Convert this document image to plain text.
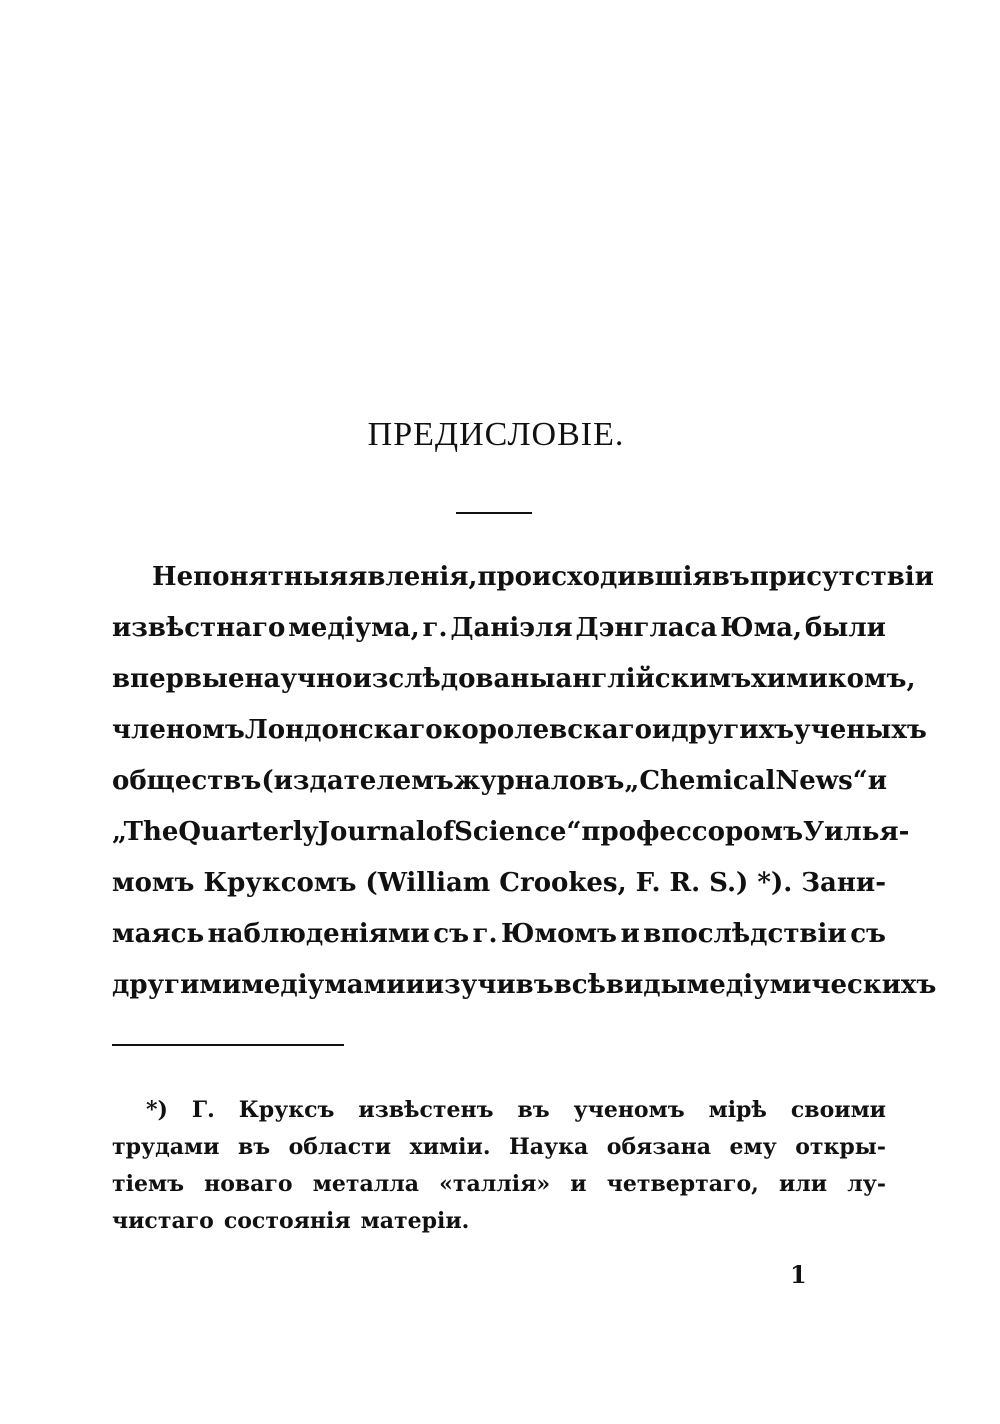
ПРЕДИСЛОВІЕ.
Непонятныя явленія, происходившія въ присутствіи
извѣстнаго медіума, г. Даніэля Дэнгласа Юма, были
впервые научно изслѣдованы англійскимъ химикомъ,
членомъ Лондонскаго королевскаго и другихъ ученыхъ
обществъ (издателемъ журналовъ „Chemical News“ и
„The Quarterly Journal of Science“ профессоромъ Уилья-
момъ Круксомъ (William Crookes, F. R. S.) *). Зани-
маясь наблюденіями съ г. Юмомъ и впослѣдствіи съ
другими медіумами и изучивъ всѣ виды медіумическихъ
*) Г. Круксъ извѣстенъ въ ученомъ мірѣ своими
трудами въ области химіи. Наука обязана ему откры-
тіемъ новаго металла «таллія» и четвертаго, или лу-
чистаго состоянія матеріи.
1
